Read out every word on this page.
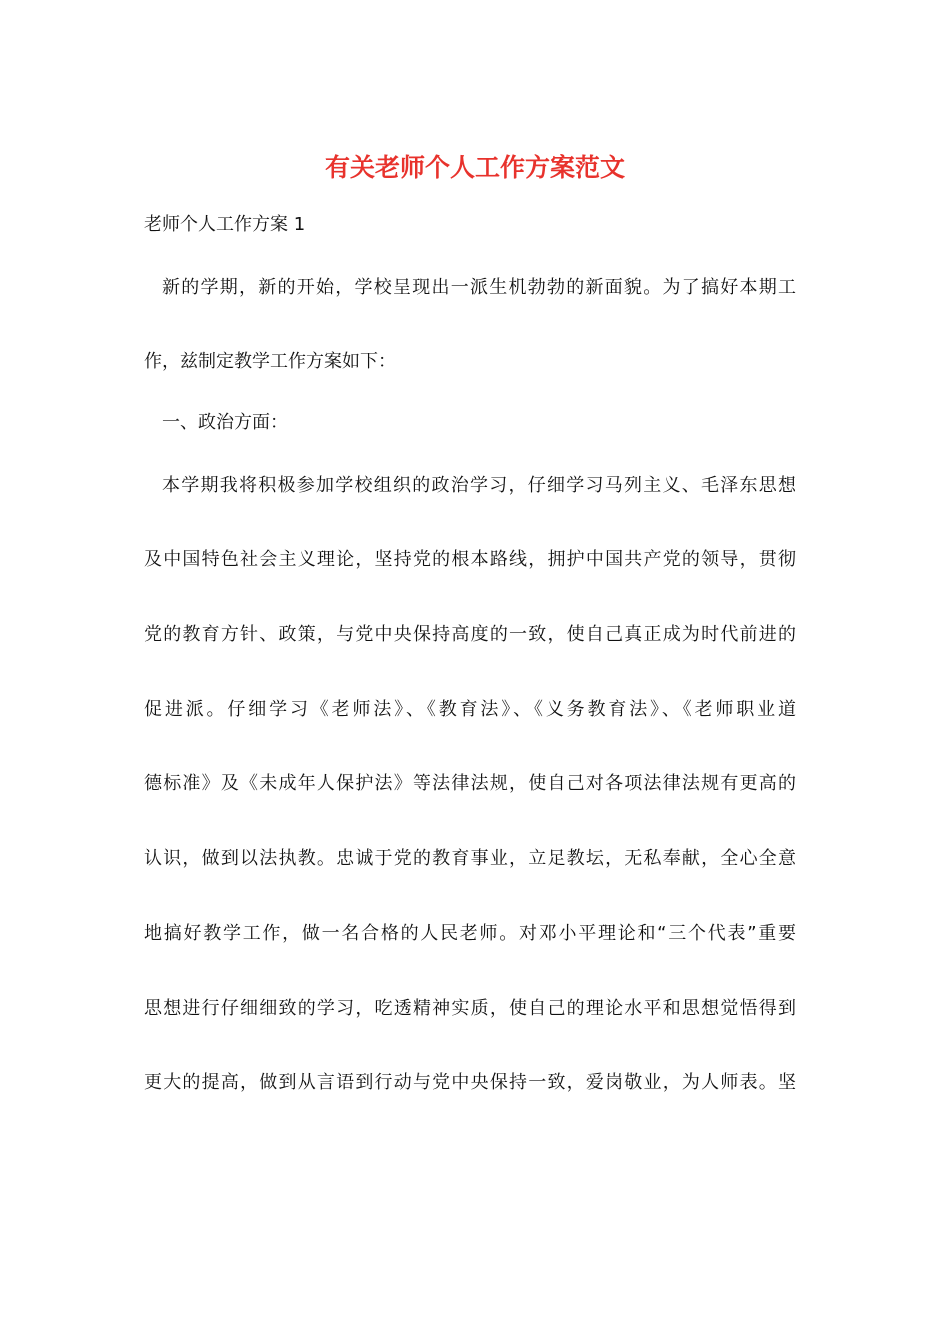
有关老师个人工作方案范文

老师个人工作方案 1

新的学期，新的开始，学校呈现出一派生机勃勃的新面貌。为了搞好本期工

作，兹制定教学工作方案如下：

一、政治方面：

本学期我将积极参加学校组织的政治学习，仔细学习马列主义、毛泽东思想

及中国特色社会主义理论，坚持党的根本路线，拥护中国共产党的领导，贯彻

党的教育方针、政策，与党中央保持高度的一致，使自己真正成为时代前进的

促进派。仔细学习《老师法》、《教育法》、《义务教育法》、《老师职业道

德标准》及《未成年人保护法》等法律法规，使自己对各项法律法规有更高的

认识，做到以法执教。忠诚于党的教育事业，立足教坛，无私奉献，全心全意

地搞好教学工作，做一名合格的人民老师。对邓小平理论和“三个代表”重要

思想进行仔细细致的学习，吃透精神实质，使自己的理论水平和思想觉悟得到

更大的提高，做到从言语到行动与党中央保持一致，爱岗敬业，为人师表。坚
